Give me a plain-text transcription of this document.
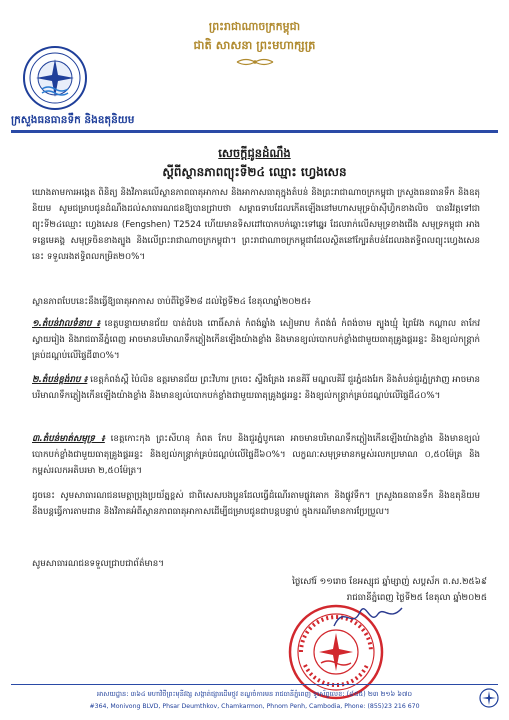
ព្រះរាជាណាចក្រកម្ពុជា
ជាតិ សាសនា ព្រះមហាក្សត្រ
ក្រសួងធនធានទឹក និងឧតុនិយម
សេចក្តីជូនដំណឹង
ស្តីពីស្ថានភាពព្យុះទី២៤ ឈ្មោះ ហ្វេងសេន
យោងតាមការអង្កេត ពិនិត្យ និងវិភាគលើស្ថានភាពធាតុអាកាស និងអាកាសធាតុក្នុងតំបន់ និងព្រះរាជាណាចក្រកម្ពុជា ក្រសួងធនធានទឹក និងឧតុនិយម សូមជម្រាបជូនដំណឹងដល់សាធារណជនឱ្យបានជ្រាបថា សម្ពាធទាបដែលកើតឡើងនៅមហាសមុទ្រប៉ាស៊ីហ្វិកខាងលិច បានវិវត្តទៅជាព្យុះទី២៤ឈ្មោះ ហ្វេងសេន (Fengshen) T2524 ហើយមានទិសដៅបោកបក់ឆ្ពោះទៅឆ្នេរ ដែលរាក់លើសមុទ្រខាងជើង សមុទ្រកម្ពុជា អាងទន្លេមេគង្គ សមុទ្រចិនខាងត្បូង និងលើព្រះរាជាណាចក្រកម្ពុជា។ ព្រះរាជាណាចក្រកម្ពុជាដែលស្ថិតនៅក្បែរតំបន់ដែលរងឥទ្ធិពលព្យុះហ្វេងសេននេះ ទទួលរងឥទ្ធិពលកម្រិត២០%។
ស្ថានភាពបែបនេះនឹងធ្វើឱ្យធាតុអាកាស ចាប់ពីថ្ងៃទី២៨ ដល់ថ្ងៃទី២៤ ខែតុលាឆ្នាំ២០២៥៖
១.តំបន់វាលទំនាប ៖ ខេត្តបន្ទាយមានជ័យ បាត់ដំបង ពោធិ៍សាត់ កំពង់ឆ្នាំង សៀមរាប កំពង់ធំ កំពង់ចាម ត្បូងឃ្មុំ ព្រៃវែង កណ្តាល តាកែវ ស្វាយរៀង និងរាជធានីភ្នំពេញ អាចមានបរិមាណទឹកភ្លៀងកើនឡើងយ៉ាងខ្លាំង និងមានខ្យល់បោកបក់ខ្លាំងជាមួយធាតុគ្រូងផ្គររន្ទះ និងខ្យល់កន្ត្រាក់គ្រប់ដណ្តប់លើផ្ទៃដី៣០%។
២.តំបន់ខ្ពង់រាប ៖ ខេត្តកំពង់ស្ពឺ ប៉ៃលិន ឧត្តរមានជ័យ ព្រះវិហារ ក្រចេះ ស្ទឹងត្រែង រតនគិរី មណ្ឌលគិរី ជួរភ្នំដងរែក និងតំបន់ជួរភ្នំក្រវាញ អាចមានបរិមាណទឹកភ្លៀងកើនឡើងយ៉ាងខ្លាំង និងមានខ្យល់បោកបក់ខ្លាំងជាមួយធាតុគ្រូងផ្គររន្ទះ និងខ្យល់កន្ត្រាក់គ្រប់ដណ្តប់លើផ្ទៃដី៤០%។
៣.តំបន់មាត់សមុទ្រ ៖ ខេត្តកោះកុង ព្រះសីហនុ កំពត កែប និងជួរភ្នំបូកគោ អាចមានបរិមាណទឹកភ្លៀងកើនឡើងយ៉ាងខ្លាំង និងមានខ្យល់បោកបក់ខ្លាំងជាមួយធាតុគ្រូងផ្គររន្ទះ និងខ្យល់កន្ត្រាក់គ្រប់ដណ្តប់លើផ្ទៃដី៦០%។ លក្ខណៈសមុទ្រមានកម្ពស់រលកប្រមាណ ០,៥០ម៉ែត្រ និងកម្ពស់រលកអតិបរមា ២,៥០ម៉ែត្រ។
ដូចនេះ សូមសាធារណជនមេត្តាប្រុងប្រយ័ត្នខ្ពស់ ជាពិសេសបងប្អូនដែលធ្វើដំណើរតាមផ្លូវគោក និងផ្លូវទឹក។ ក្រសួងធនធានទឹក និងឧតុនិយម នឹងបន្តធ្វើការតាមដាន និងវិភាគអំពីស្ថានភាពធាតុអាកាសដើម្បីជម្រាបជូនជាបន្តបន្ទាប់ ក្នុងករណីមានការប្រែប្រួល។
សូមសាធារណជនទទួលជ្រាបជាព័ត៌មាន។
ថ្ងៃសៅរ៍ ១១រោច ខែអស្សុជ ឆ្នាំម្សាញ់ សប្តស័ក ព.ស.២៥៦៩
រាជធានីភ្នំពេញ ថ្ងៃទី២៥ ខែតុលា ឆ្នាំ២០២៥
អាសយដ្ឋាន: ៣៦៤ មហាវិថីព្រះមុនីវង្ស សង្កាត់ផ្សារដើមថ្កូវ ខណ្ឌចំការមន រាជធានីភ្នំពេញ ទូរស័ព្ទលេខ: (៨៥៥) ២៣ ២១៦ ៦៧០
#364, Monivong BLVD, Phsar Deumthkov, Chamkarmon, Phnom Penh, Cambodia, Phone: (855)23 216 670
